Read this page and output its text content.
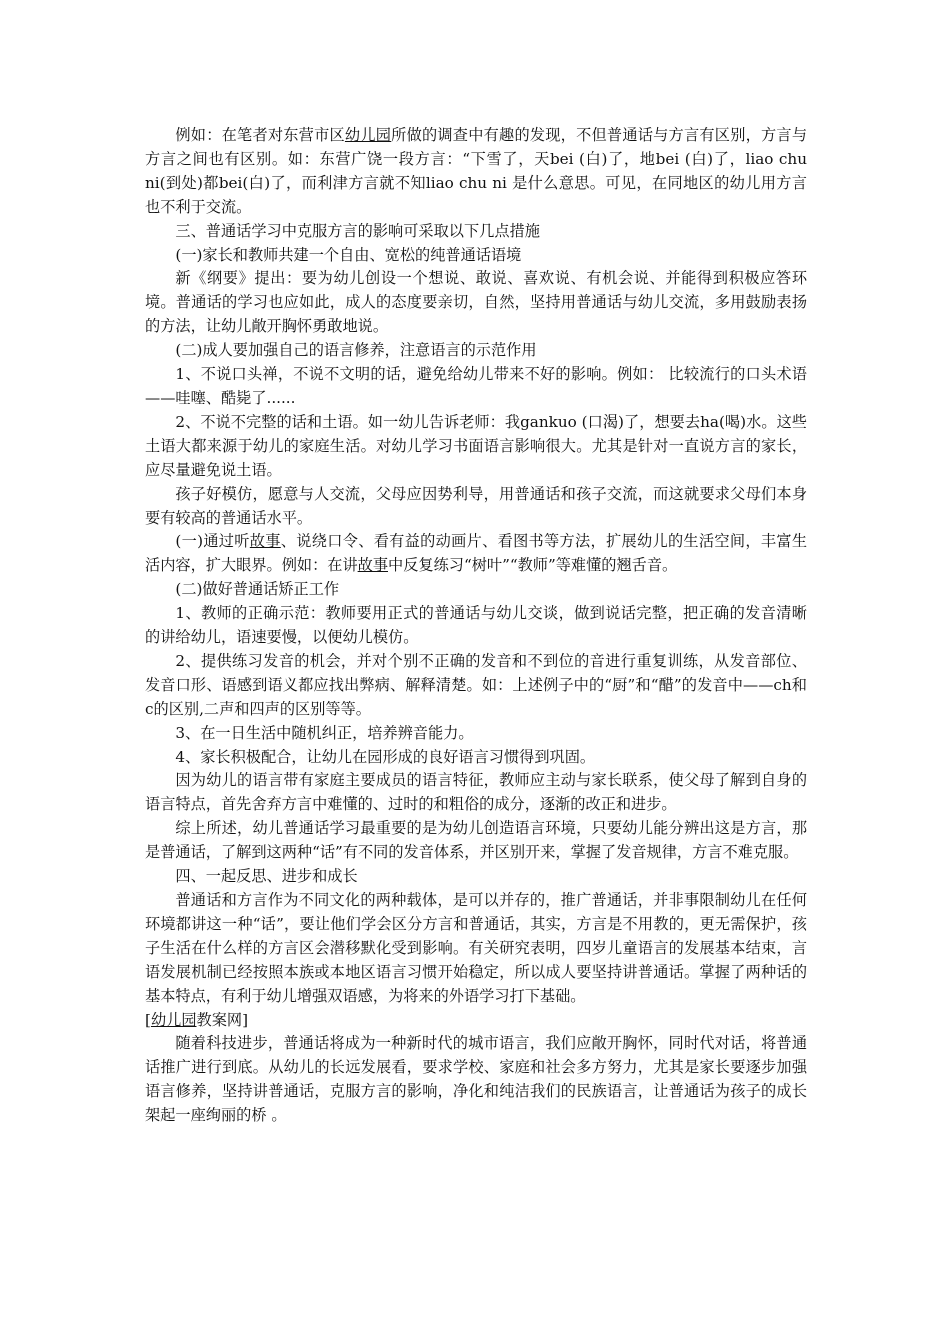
例如：在笔者对东营市区幼儿园所做的调查中有趣的发现，不但普通话与方言有区别，方言与方言之间也有区别。如：东营广饶一段方言：“下雪了，天bei (白)了，地bei (白)了，liao chu ni(到处)都bei(白)了，而利津方言就不知liao chu ni 是什么意思。可见，在同地区的幼儿用方言也不利于交流。

三、普通话学习中克服方言的影响可采取以下几点措施

(一)家长和教师共建一个自由、宽松的纯普通话语境

新《纲要》提出：要为幼儿创设一个想说、敢说、喜欢说、有机会说、并能得到积极应答环境。普通话的学习也应如此，成人的态度要亲切，自然，坚持用普通话与幼儿交流，多用鼓励表扬的方法，让幼儿敞开胸怀勇敢地说。

(二)成人要加强自己的语言修养，注意语言的示范作用

1、不说口头禅，不说不文明的话，避免给幼儿带来不好的影响。例如： 比较流行的口头术语——哇噻、酷毙了......

2、不说不完整的话和土语。如一幼儿告诉老师：我gankuo (口渴)了，想要去ha(喝)水。这些土语大都来源于幼儿的家庭生活。对幼儿学习书面语言影响很大。尤其是针对一直说方言的家长，应尽量避免说土语。

孩子好模仿，愿意与人交流，父母应因势利导，用普通话和孩子交流，而这就要求父母们本身要有较高的普通话水平。

(一)通过听故事、说绕口令、看有益的动画片、看图书等方法，扩展幼儿的生活空间，丰富生活内容，扩大眼界。例如：在讲故事中反复练习“树叶”“教师”等难懂的翘舌音。

(二)做好普通话矫正工作

1、教师的正确示范：教师要用正式的普通话与幼儿交谈，做到说话完整，把正确的发音清晰的讲给幼儿，语速要慢，以便幼儿模仿。

2、提供练习发音的机会，并对个别不正确的发音和不到位的音进行重复训练，从发音部位、发音口形、语感到语义都应找出弊病、解释清楚。如：上述例子中的“厨”和“醋”的发音中——ch和c的区别,二声和四声的区别等等。

3、在一日生活中随机纠正，培养辨音能力。

4、家长积极配合，让幼儿在园形成的良好语言习惯得到巩固。

因为幼儿的语言带有家庭主要成员的语言特征，教师应主动与家长联系，使父母了解到自身的语言特点，首先舍弃方言中难懂的、过时的和粗俗的成分，逐渐的改正和进步。

综上所述，幼儿普通话学习最重要的是为幼儿创造语言环境，只要幼儿能分辨出这是方言，那是普通话，了解到这两种“话”有不同的发音体系，并区别开来，掌握了发音规律，方言不难克服。

四、一起反思、进步和成长

普通话和方言作为不同文化的两种载体，是可以并存的，推广普通话，并非事限制幼儿在任何环境都讲这一种“话”，要让他们学会区分方言和普通话，其实，方言是不用教的，更无需保护，孩子生活在什么样的方言区会潜移默化受到影响。有关研究表明，四岁儿童语言的发展基本结束，言语发展机制已经按照本族或本地区语言习惯开始稳定，所以成人要坚持讲普通话。掌握了两种话的基本特点，有利于幼儿增强双语感，为将来的外语学习打下基础。

[幼儿园教案网]

随着科技进步，普通话将成为一种新时代的城市语言，我们应敞开胸怀，同时代对话，将普通话推广进行到底。从幼儿的长远发展看，要求学校、家庭和社会多方努力，尤其是家长要逐步加强语言修养，坚持讲普通话，克服方言的影响，净化和纯洁我们的民族语言，让普通话为孩子的成长架起一座绚丽的桥 。
